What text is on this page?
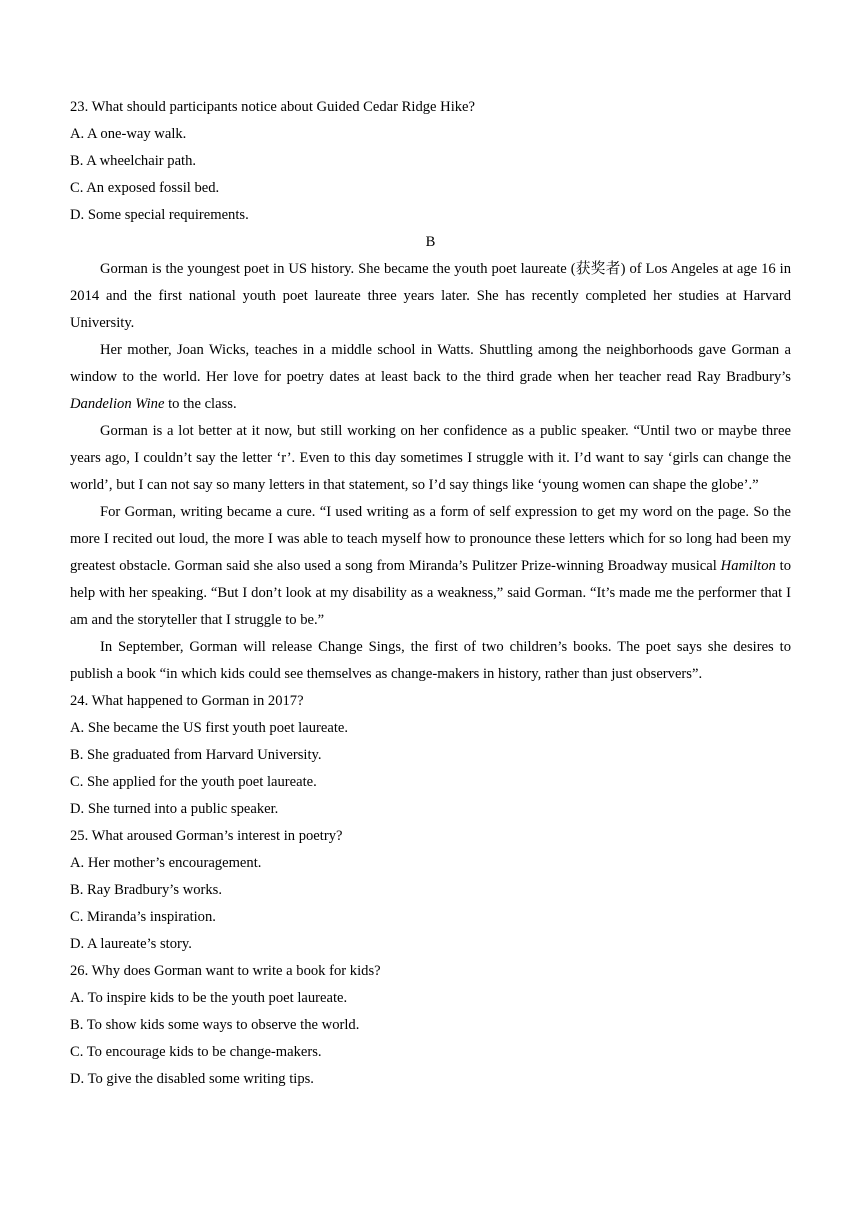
23. What should participants notice about Guided Cedar Ridge Hike?

A. A one-way walk.

B. A wheelchair path.

C. An exposed fossil bed.

D. Some special requirements.

B

Gorman is the youngest poet in US history. She became the youth poet laureate (获奖者) of Los Angeles at age 16 in 2014 and the first national youth poet laureate three years later. She has recently completed her studies at Harvard University.

Her mother, Joan Wicks, teaches in a middle school in Watts. Shuttling among the neighborhoods gave Gorman a window to the world. Her love for poetry dates at least back to the third grade when her teacher read Ray Bradbury’s Dandelion Wine to the class.

Gorman is a lot better at it now, but still working on her confidence as a public speaker. “Until two or maybe three years ago, I couldn’t say the letter ‘r’. Even to this day sometimes I struggle with it. I’d want to say ‘girls can change the world’, but I can not say so many letters in that statement, so I’d say things like ‘young women can shape the globe’.”

For Gorman, writing became a cure. “I used writing as a form of self expression to get my word on the page. So the more I recited out loud, the more I was able to teach myself how to pronounce these letters which for so long had been my greatest obstacle. Gorman said she also used a song from Miranda’s Pulitzer Prize-winning Broadway musical Hamilton to help with her speaking. “But I don’t look at my disability as a weakness,” said Gorman. “It’s made me the performer that I am and the storyteller that I struggle to be.”

In September, Gorman will release Change Sings, the first of two children’s books. The poet says she desires to publish a book “in which kids could see themselves as change-makers in history, rather than just observers”.

24. What happened to Gorman in 2017?

A. She became the US first youth poet laureate.

B. She graduated from Harvard University.

C. She applied for the youth poet laureate.

D. She turned into a public speaker.

25. What aroused Gorman’s interest in poetry?

A. Her mother’s encouragement.

B. Ray Bradbury’s works.

C. Miranda’s inspiration.

D. A laureate’s story.

26. Why does Gorman want to write a book for kids?

A. To inspire kids to be the youth poet laureate.

B. To show kids some ways to observe the world.

C. To encourage kids to be change-makers.

D. To give the disabled some writing tips.
